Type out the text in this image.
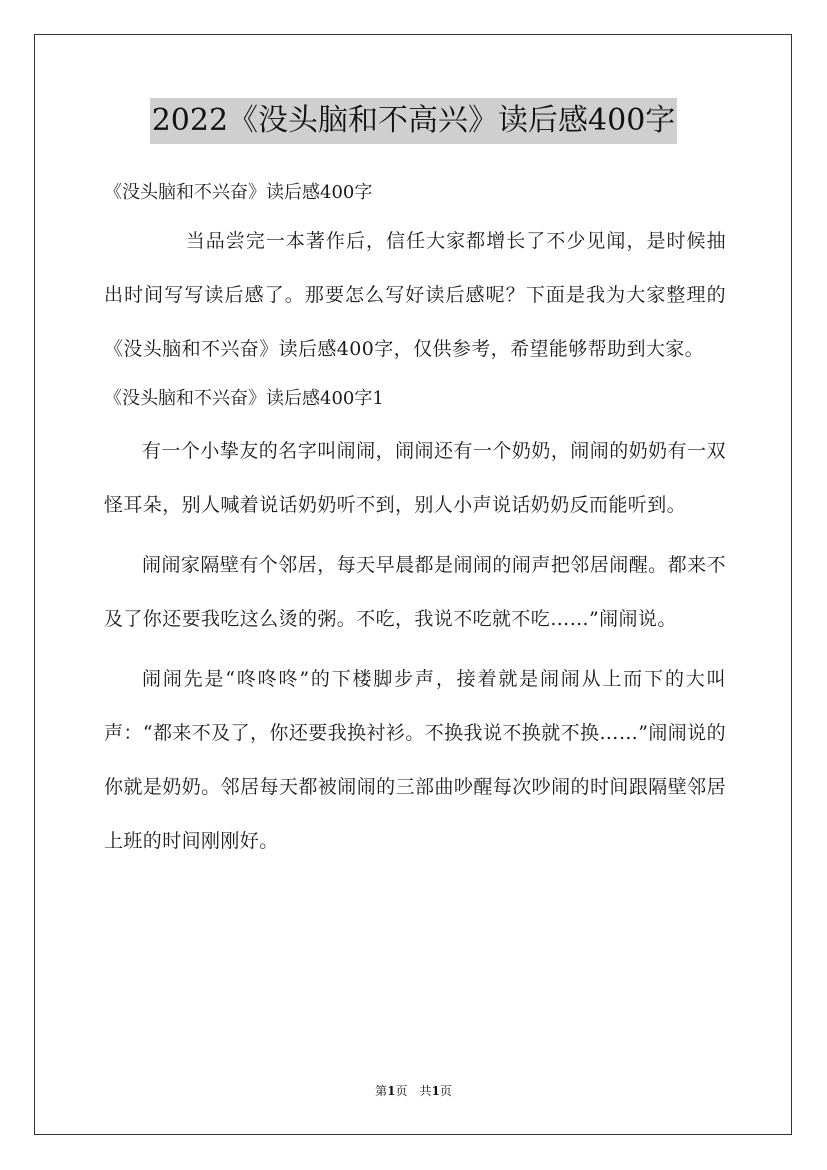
2022《没头脑和不高兴》读后感400字

《没头脑和不兴奋》读后感400字

当品尝完一本著作后，信任大家都增长了不少见闻，是时候抽出时间写写读后感了。那要怎么写好读后感呢？下面是我为大家整理的《没头脑和不兴奋》读后感400字，仅供参考，希望能够帮助到大家。

《没头脑和不兴奋》读后感400字1

有一个小挚友的名字叫闹闹，闹闹还有一个奶奶，闹闹的奶奶有一双怪耳朵，别人喊着说话奶奶听不到，别人小声说话奶奶反而能听到。

闹闹家隔壁有个邻居，每天早晨都是闹闹的闹声把邻居闹醒。都来不及了你还要我吃这么烫的粥。不吃，我说不吃就不吃……”闹闹说。

闹闹先是“咚咚咚”的下楼脚步声，接着就是闹闹从上而下的大叫声：“都来不及了，你还要我换衬衫。不换我说不换就不换……”闹闹说的你就是奶奶。邻居每天都被闹闹的三部曲吵醒每次吵闹的时间跟隔壁邻居上班的时间刚刚好。

第1页　共1页
